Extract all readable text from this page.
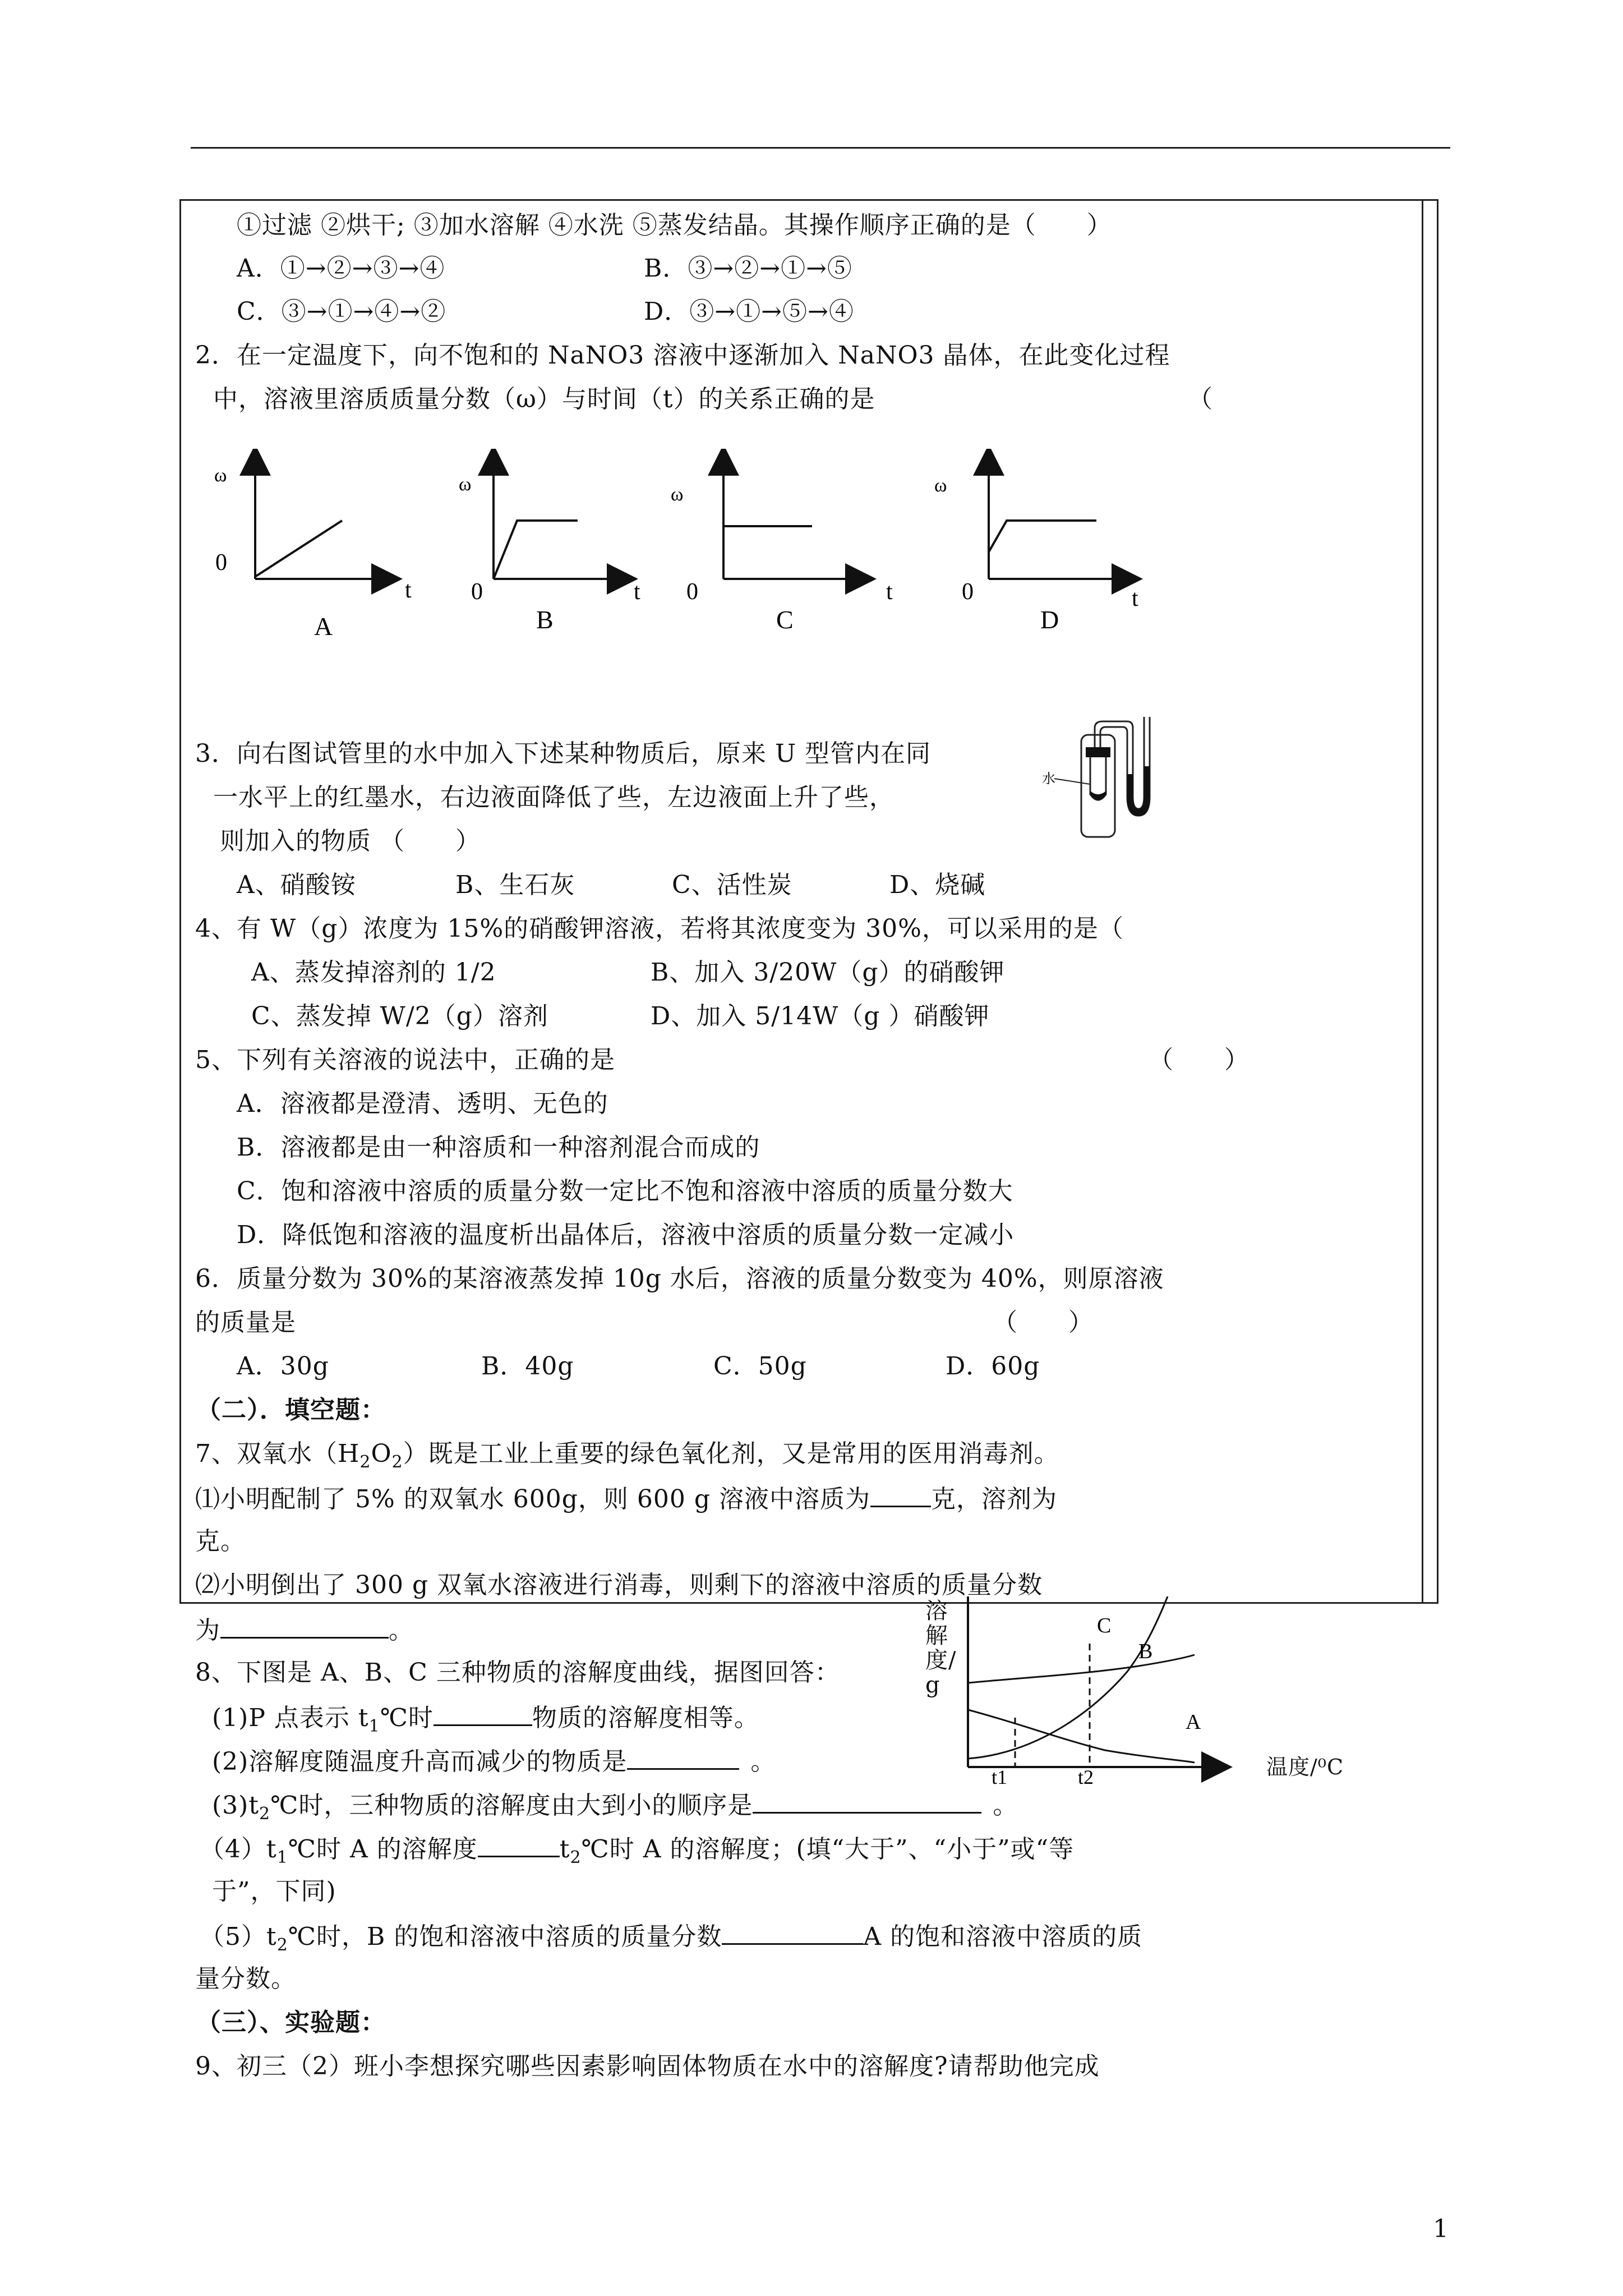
①过滤 ②烘干; ③加水溶解 ④水洗 ⑤蒸发结晶。其操作顺序正确的是（　　）
A．①→②→③→④	B．③→②→①→⑤
C．③→①→④→②	D．③→①→⑤→④
2．在一定温度下，向不饱和的 NaNO3 溶液中逐渐加入 NaNO3 晶体，在此变化过程
中，溶液里溶质质量分数（ω）与时间（t）的关系正确的是	（
ω
0
t
A
ω
0	t
B
ω
0	t
C
ω
0	t
D
3．向右图试管里的水中加入下述某种物质后，原来 U 型管内在同
一水平上的红墨水，右边液面降低了些，左边液面上升了些，
则加入的物质 （　　）
水
A、硝酸铵	B、生石灰	C、活性炭	D、烧碱
4、有 W（g）浓度为 15%的硝酸钾溶液，若将其浓度变为 30%，可以采用的是（
A、蒸发掉溶剂的 1/2	B、加入 3/20W（g）的硝酸钾
C、蒸发掉 W/2（g）溶剂	D、加入 5/14W（g ）硝酸钾
5、下列有关溶液的说法中，正确的是	（　　）
A．溶液都是澄清、透明、无色的
B．溶液都是由一种溶质和一种溶剂混合而成的
C．饱和溶液中溶质的质量分数一定比不饱和溶液中溶质的质量分数大
D．降低饱和溶液的温度析出晶体后，溶液中溶质的质量分数一定减小
6．质量分数为 30%的某溶液蒸发掉 10g 水后，溶液的质量分数变为 40%，则原溶液
的质量是	（　　）
A．30g	B．40g	C．50g	D．60g
（二）．填空题：
7、双氧水$(H_2O_2)$既是工业上重要的绿色氧化剂，又是常用的医用消毒剂。
⑴小明配制了 5% 的双氧水 600g，则 600 g 溶液中溶质为 克，溶剂为
克。
⑵小明倒出了 300 g 双氧水溶液进行消毒，则剩下的溶液中溶质的质量分数
为	。
8、下图是 A、B、C 三种物质的溶解度曲线，据图回答：
C
B
A
t1	t2
溶解度/g
温度/⁰C
(1)P 点表示 $t_1℃$时	物质的溶解度相等。
(2)溶解度随温度升高而减少的物质是	。
$(3)t_2℃$时，三种物质的溶解度由大到小的顺序是	。
$(4)t_1℃$时 A 的溶解度	$t_2℃$时 A 的溶解度；(填“大于”、“小于”或“等
于”，下同)
$(5)t_2℃$时，B 的饱和溶液中溶质的质量分数	A 的饱和溶液中溶质的质
量分数。
（三）、实验题：
9、初三（2）班小李想探究哪些因素影响固体物质在水中的溶解度?请帮助他完成
1
